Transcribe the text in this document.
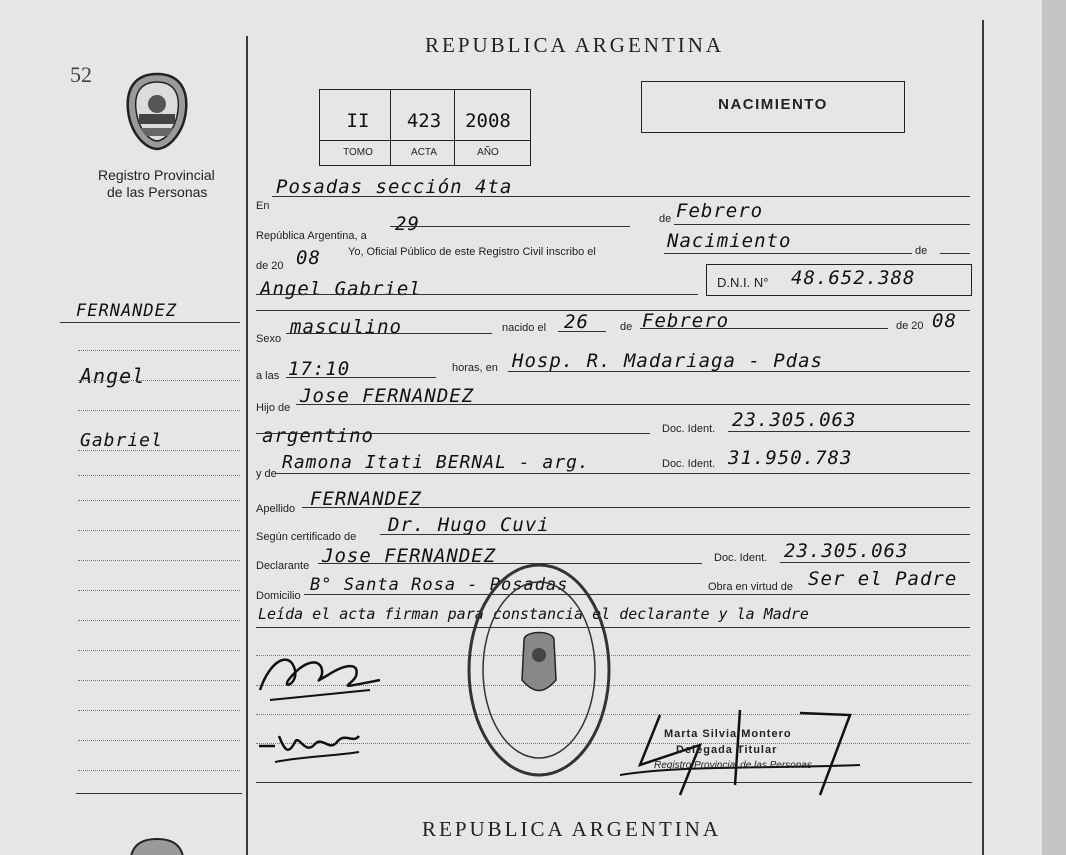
52
Registro Provincial
de las Personas
REPUBLICA ARGENTINA
II	423	2008
TOMO	ACTA	AÑO
NACIMIENTO
FERNANDEZ
Angel
Gabriel
En
Posadas sección 4ta
República Argentina, a
29	de Febrero
de 20 08 Yo, Oficial Público de este Registro Civil inscribo el	Nacimiento	de
Angel Gabriel	D.N.I. N° 48.652.388
Sexo
masculino	nacido el 26	de Febrero	de 20 08
a las 17:10	horas, en Hosp. R. Madariaga - Pdas
Hijo de
Jose FERNANDEZ
argentino	Doc. Ident. 23.305.063
y de
Ramona Itati BERNAL - arg.	Doc. Ident. 31.950.783
Apellido FERNANDEZ
Según certificado de
Dr. Hugo Cuvi
Declarante Jose FERNANDEZ	Doc. Ident. 23.305.063
Domicilio
B° Santa Rosa - Posadas	Obra en virtud de Ser el Padre
Leída el acta firman para constancia el declarante y la Madre
Marta Silvia Montero
Delegada Titular
Registro Provincial de las Personas
REPUBLICA ARGENTINA
